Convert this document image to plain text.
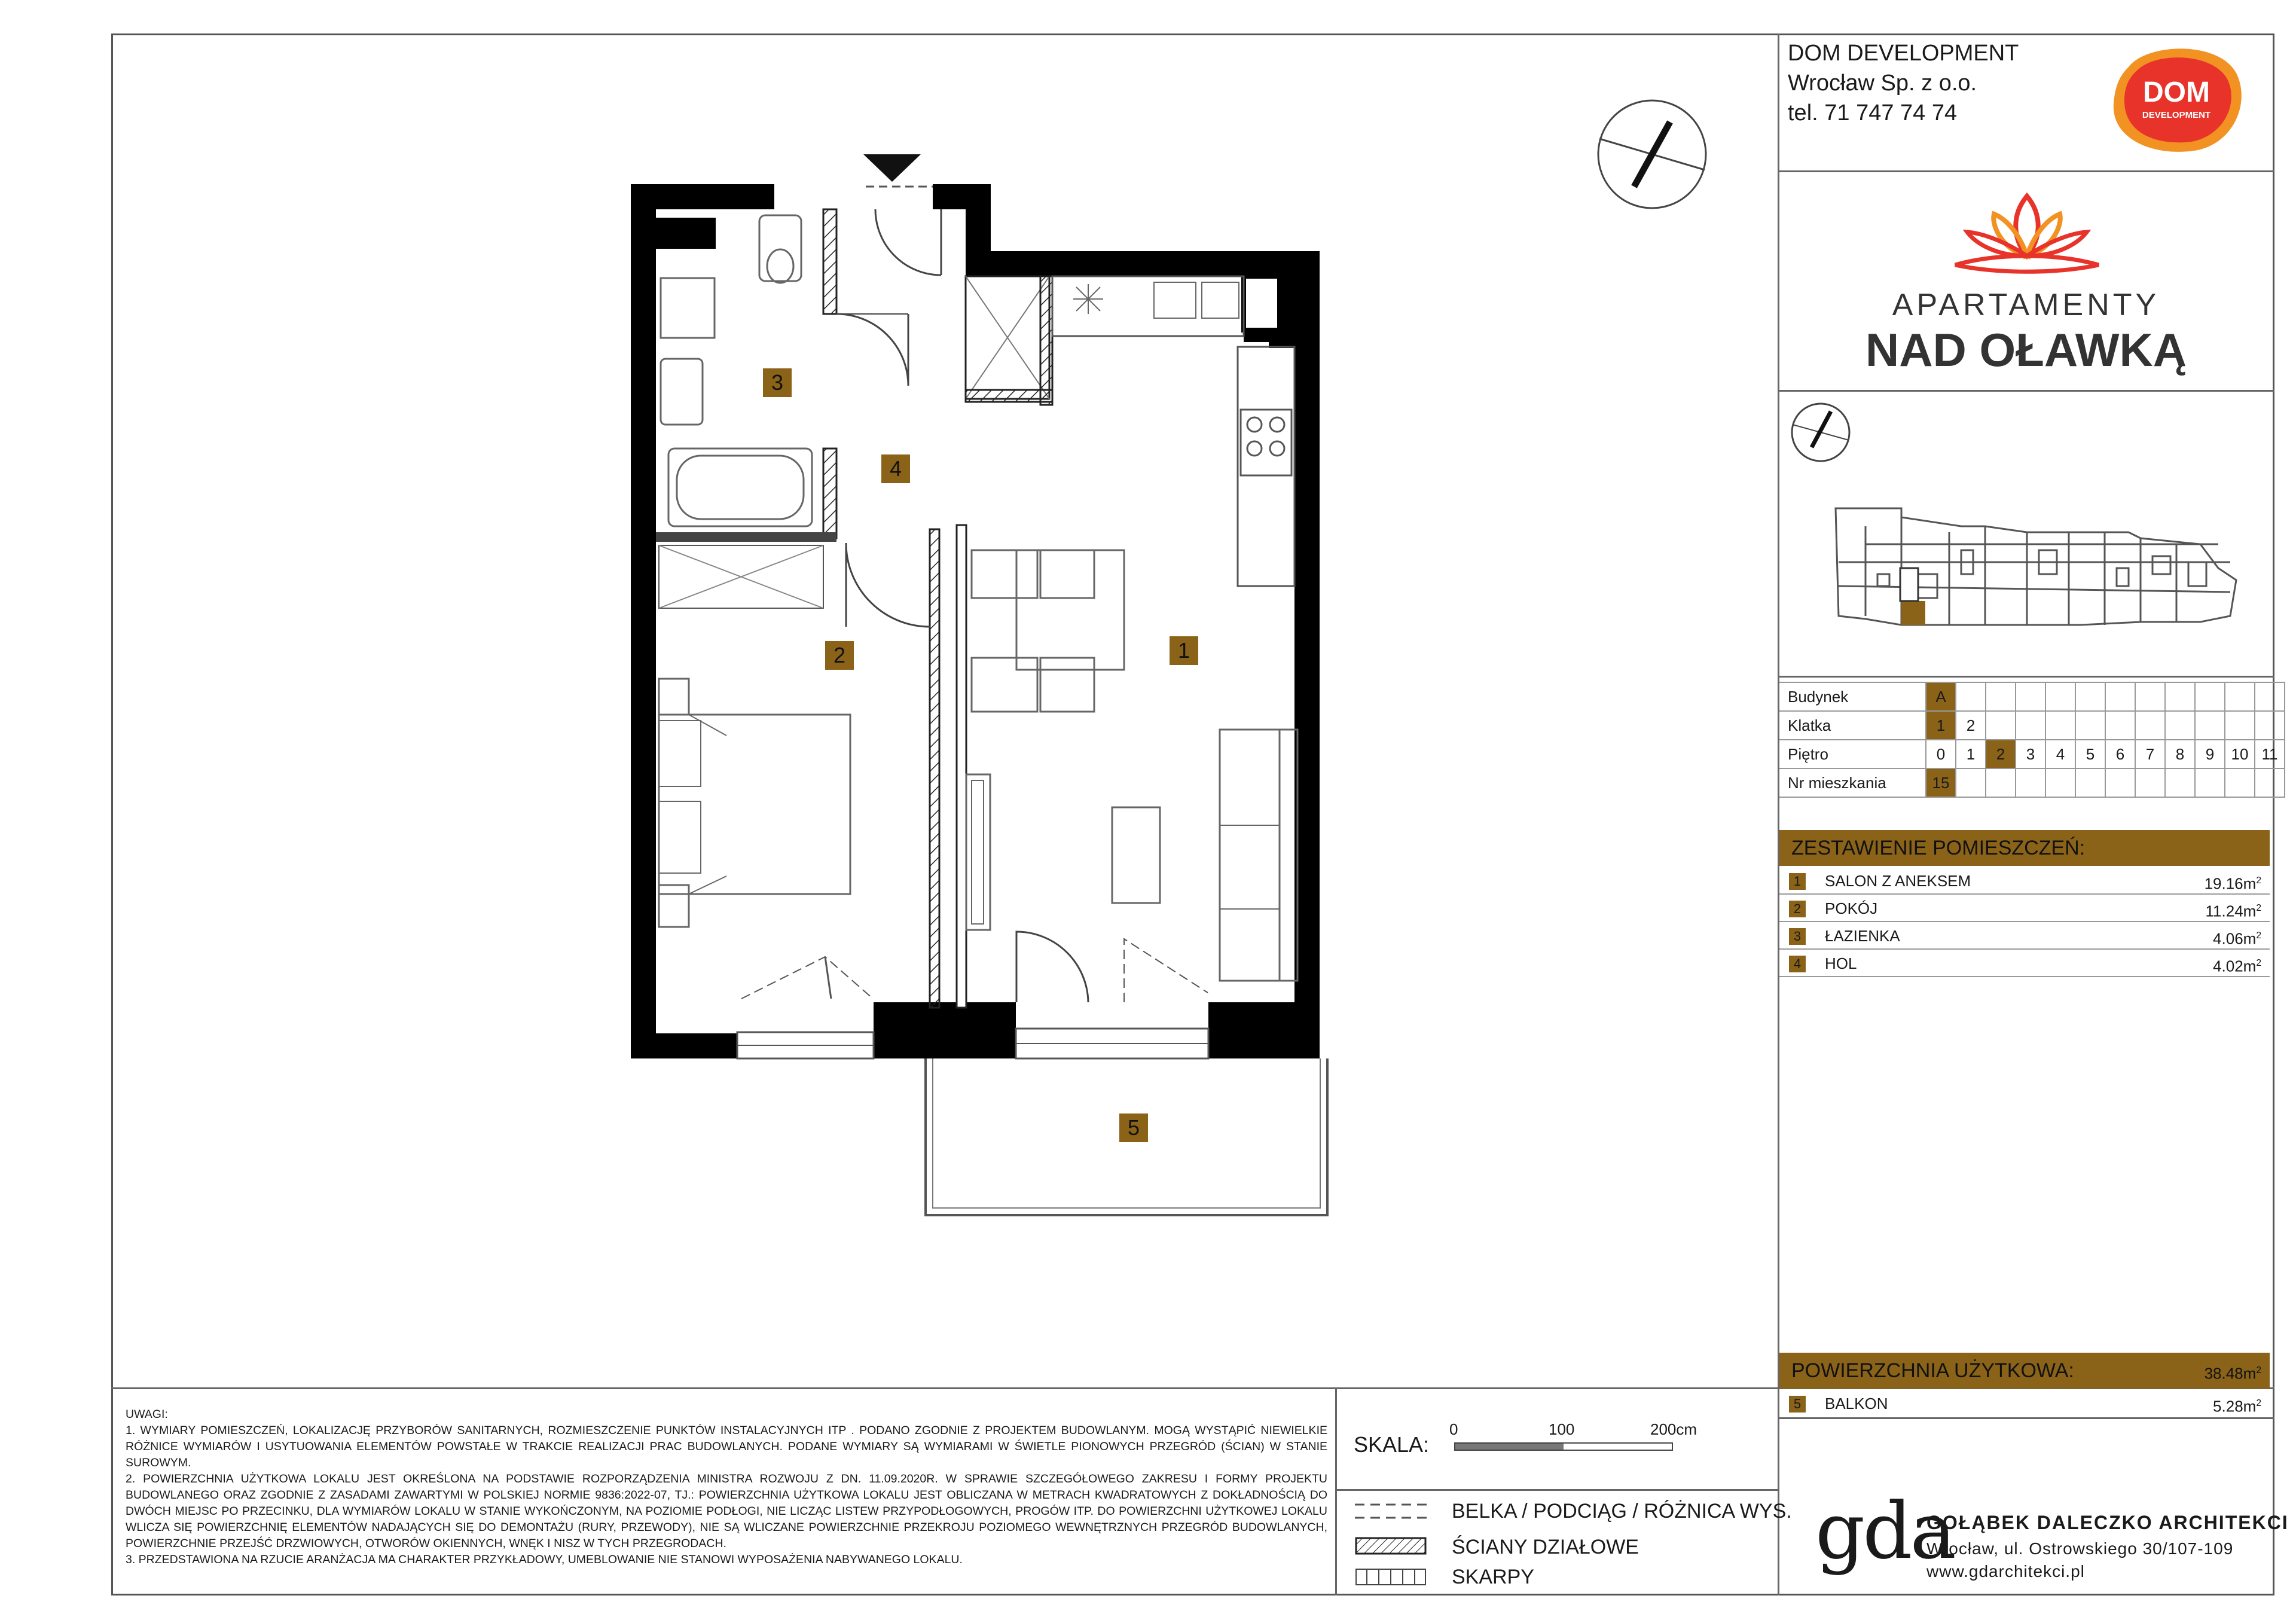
DOM DEVELOPMENT
Wrocław Sp. z o.o.
tel. 71 747 74 74
DOM
DEVELOPMENT
APARTAMENTY
NAD OŁAWKĄ
Budynek	A											
Klatka	1	2										
Piętro	0	1	2	3	4	5	6	7	8	9	10	11
Nr mieszkania	15											
ZESTAWIENIE POMIESZCZEŃ:
1	SALON Z ANEKSEM	$19.16m^2$
2	POKÓJ	$11.24m^2$
3	ŁAZIENKA	$4.06m^2$
4	HOL	$4.02m^2$
POWIERZCHNIA UŻYTKOWA:	$38.48m^2$
5	BALKON	$5.28m^2$
1
2
3
4
5

UWAGI:

1. WYMIARY POMIESZCZEŃ, LOKALIZACJĘ PRZYBORÓW SANITARNYCH, ROZMIESZCZENIE PUNKTÓW INSTALACYJNYCH ITP . PODANO ZGODNIE Z PROJEKTEM BUDOWLANYM. MOGĄ WYSTĄPIĆ NIEWIELKIE RÓŻNICE WYMIARÓW I USYTUOWANIA ELEMENTÓW POWSTAŁE W TRAKCIE REALIZACJI PRAC BUDOWLANYCH. PODANE WYMIARY SĄ WYMIARAMI W ŚWIETLE PIONOWYCH PRZEGRÓD (ŚCIAN) W STANIE SUROWYM.

2. POWIERZCHNIA UŻYTKOWA LOKALU JEST OKREŚLONA NA PODSTAWIE ROZPORZĄDZENIA MINISTRA ROZWOJU Z DN. 11.09.2020R. W SPRAWIE SZCZEGÓŁOWEGO ZAKRESU I FORMY PROJEKTU BUDOWLANEGO ORAZ ZGODNIE Z ZASADAMI ZAWARTYMI W POLSKIEJ NORMIE 9836:2022-07, TJ.: POWIERZCHNIA UŻYTKOWA LOKALU JEST OBLICZANA W METRACH KWADRATOWYCH Z DOKŁADNOŚCIĄ DO DWÓCH MIEJSC PO PRZECINKU, DLA WYMIARÓW LOKALU W STANIE WYKOŃCZONYM, NA POZIOMIE PODŁOGI, NIE LICZĄC LISTEW PRZYPODŁOGOWYCH, PROGÓW ITP. DO POWIERZCHNI UŻYTKOWEJ LOKALU WLICZA SIĘ POWIERZCHNIĘ ELEMENTÓW NADAJĄCYCH SIĘ DO DEMONTAŻU (RURY, PRZEWODY), NIE SĄ WLICZANE POWIERZCHNIE PRZEKROJU POZIOMEGO WEWNĘTRZNYCH PRZEGRÓD BUDOWLANYCH, POWIERZCHNIE PRZEJŚĆ DRZWIOWYCH, OTWORÓW OKIENNYCH, WNĘK I NISZ W TYCH PRZEGRODACH.

3. PRZEDSTAWIONA NA RZUCIE ARANŻACJA MA CHARAKTER PRZYKŁADOWY, UMEBLOWANIE NIE STANOWI WYPOSAŻENIA NABYWANEGO LOKALU.

SKALA:
0	100	200cm
BELKA / PODCIĄG / RÓŻNICA WYS.
ŚCIANY DZIAŁOWE
SKARPY
gda
GOŁĄBEK DALECZKO ARCHITEKCI
Wrocław, ul. Ostrowskiego 30/107-109
www.gdarchitekci.pl
